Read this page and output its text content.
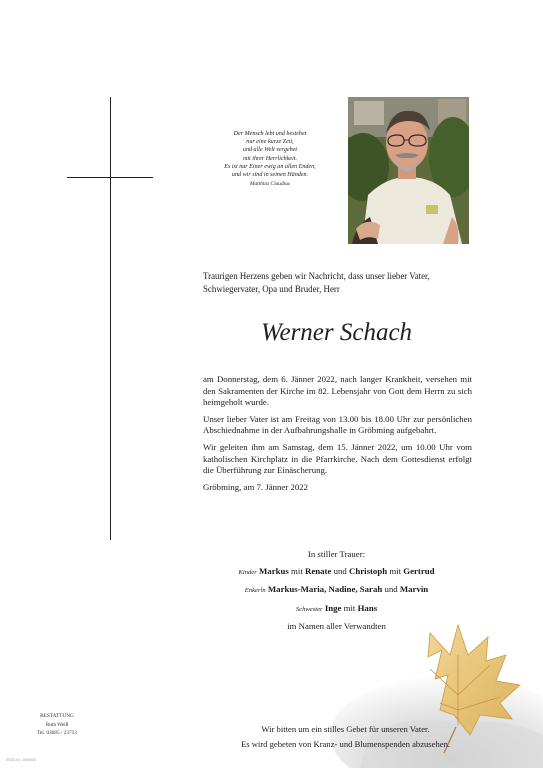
Der Mensch lebt und bestehet
nur eine kurze Zeit,
und alle Welt vergehet
mit ihrer Herrlichkeit.
Es ist nur Einer ewig an allen Enden,
und wir sind in seinen Händen.
Matthias Claudius
Traurigen Herzens geben wir Nachricht, dass unser lieber Vater,
Schwiegervater, Opa und Bruder, Herr
Werner Schach

am Donnerstag, dem 6. Jänner 2022, nach langer Krankheit, versehen mit den Sakramenten der Kirche im 82. Lebensjahr von Gott dem Herrn zu sich heimgeholt wurde.

Unser lieber Vater ist am Freitag von 13.00 bis 18.00 Uhr zur persönlichen Abschiednahme in der Aufbahrungshalle in Gröbming aufgebahrt.

Wir geleiten ihm am Samstag, dem 15. Jänner 2022, um 10.00 Uhr vom katholischen Kirchplatz in die Pfarrkirche. Nach dem Gottesdienst erfolgt die Überführung zur Einäscherung.

Gröbming, am 7. Jänner 2022

In stiller Trauer:
Kinder Markus mit Renate und Christoph mit Gertrud
Enkerln Markus-Maria, Nadine, Sarah und Marvin
Schwester Inge mit Hans
im Namen aller Verwandten
Wir bitten um ein stilles Gebet für unseren Vater.
Es wird gebeten von Kranz- und Blumenspenden abzusehen.
BESTATTUNG
Ruth Weiß
Tel. 03685 / 23733
2022.01 .000000
